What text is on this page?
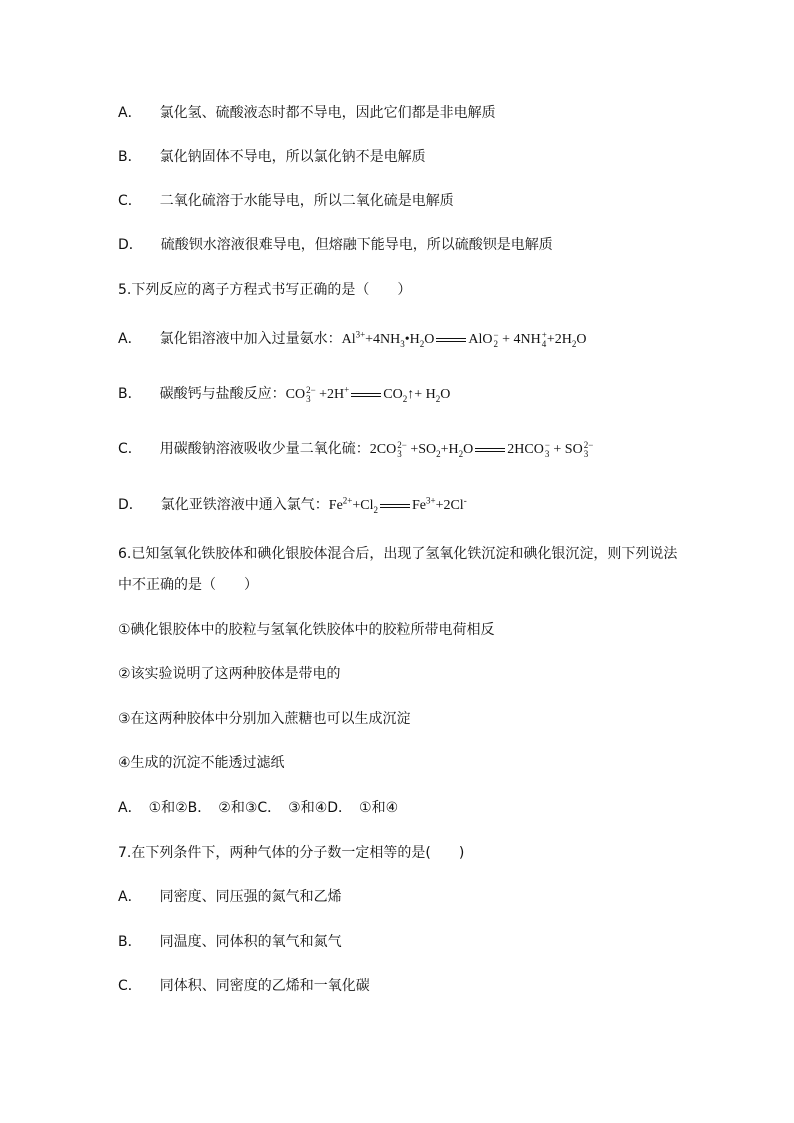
A． 氯化氢、硫酸液态时都不导电，因此它们都是非电解质
B． 氯化钠固体不导电，所以氯化钠不是电解质
C． 二氧化硫溶于水能导电，所以二氧化硫是电解质
D． 硫酸钡水溶液很难导电，但熔融下能导电，所以硫酸钡是电解质
5.下列反应的离子方程式书写正确的是（　　）
A． 氯化铝溶液中加入过量氨水：$Al^{3+}+4NH_3•H_2O$ AlO −
2 + 4NH +
$4 +2H_2O$
B． 碳酸钙与盐酸反应：CO 2−
3 +2H+ $CO_2↑+ H_2O$
C． 用碳酸钠溶液吸收少量二氧化硫：2CO 2−
$3 +SO_2+H_2O$ 2HCO −
3 + SO 2−
3
D． 氯化亚铁溶液中通入氯气：$Fe^{2+}+Cl_2$ $Fe^{3+}+2Cl^-$
6.已知氢氧化铁胶体和碘化银胶体混合后，出现了氢氧化铁沉淀和碘化银沉淀，则下列说法
中不正确的是（　　）
①碘化银胶体中的胶粒与氢氧化铁胶体中的胶粒所带电荷相反
②该实验说明了这两种胶体是带电的
③在这两种胶体中分别加入蔗糖也可以生成沉淀
④生成的沉淀不能透过滤纸
A．　①和②B．　②和③C．　③和④D．　①和④
7.在下列条件下，两种气体的分子数一定相等的是(　　)
A． 同密度、同压强的氮气和乙烯
B． 同温度、同体积的氧气和氮气
C． 同体积、同密度的乙烯和一氧化碳
